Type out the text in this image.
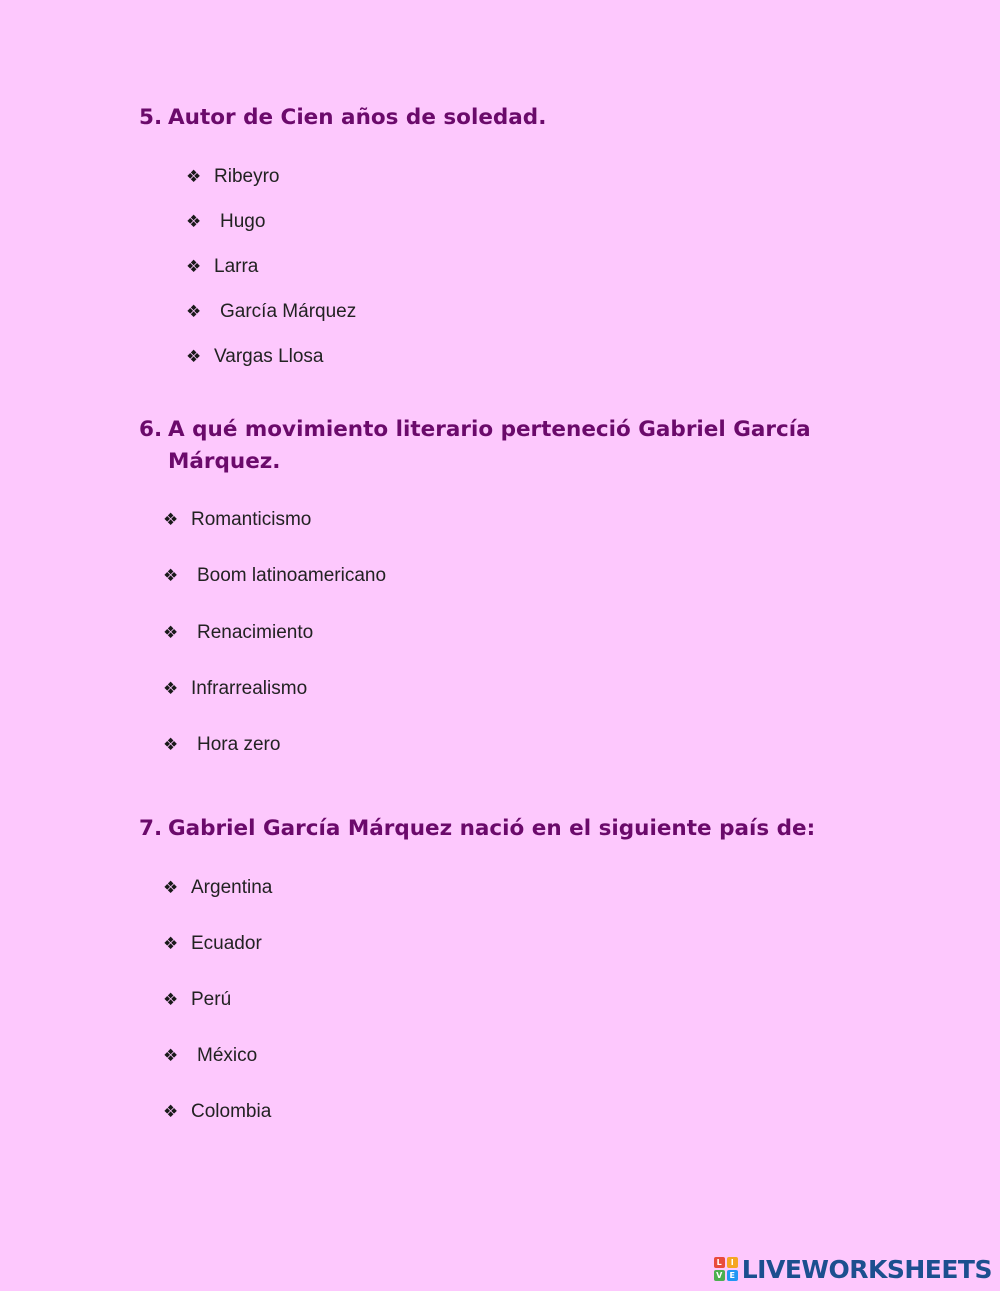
5. Autor de Cien años de soledad.
❖ Ribeyro
❖ Hugo
❖ Larra
❖ García Márquez
❖ Vargas Llosa
6. A qué movimiento literario perteneció Gabriel García
Márquez.
❖ Romanticismo
❖ Boom latinoamericano
❖ Renacimiento
❖ Infrarrealismo
❖ Hora zero
7. Gabriel García Márquez nació en el siguiente país de:
❖ Argentina
❖ Ecuador
❖ Perú
❖ México
❖ Colombia
L	I
V E LIVEWORKSHEETS
